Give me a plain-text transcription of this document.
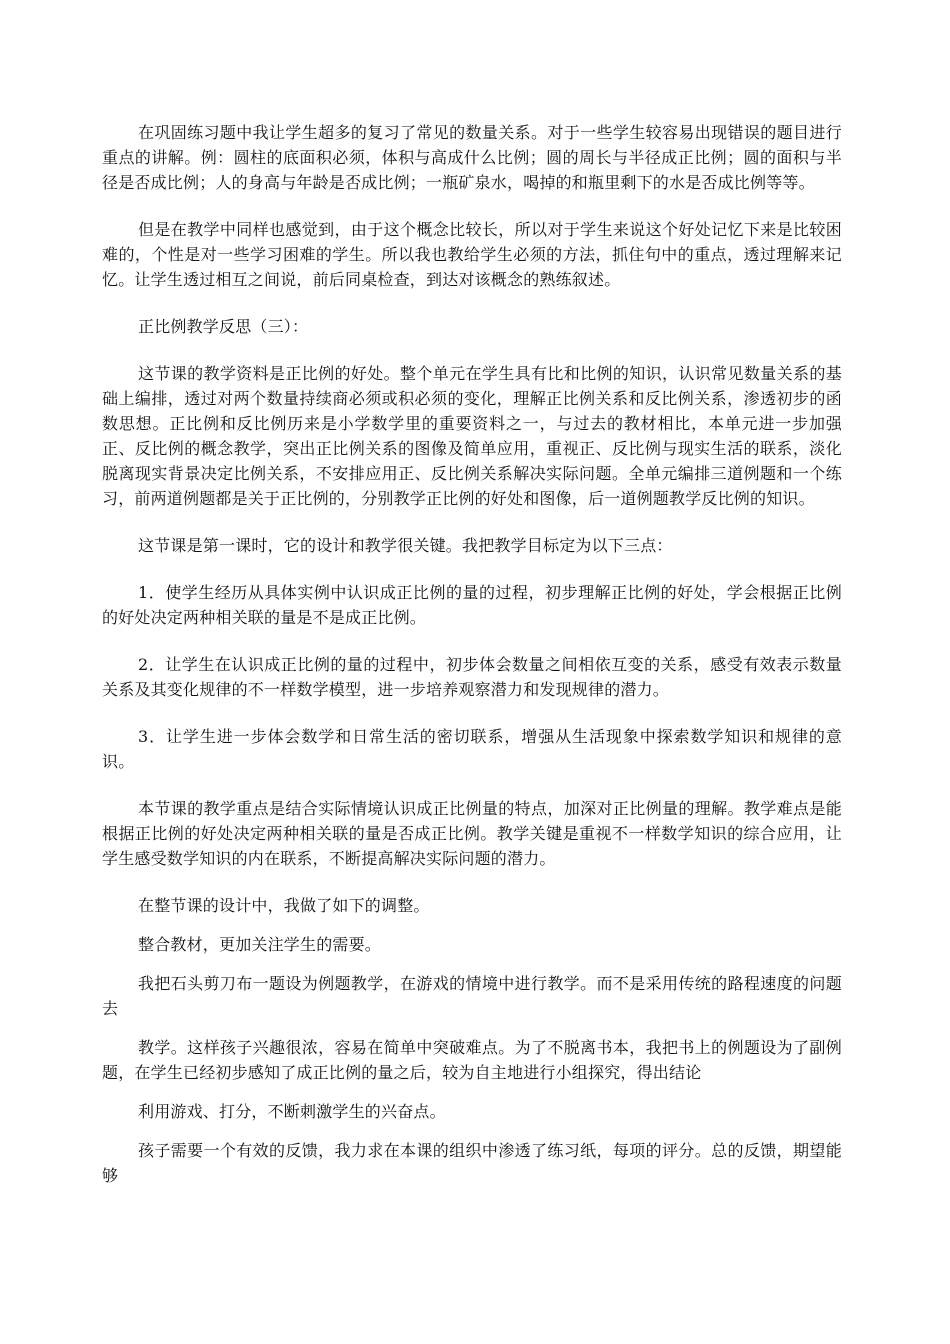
在巩固练习题中我让学生超多的复习了常见的数量关系。对于一些学生较容易出现错误的题目进行重点的讲解。例：圆柱的底面积必须，体积与高成什么比例；圆的周长与半径成正比例；圆的面积与半径是否成比例；人的身高与年龄是否成比例；一瓶矿泉水，喝掉的和瓶里剩下的水是否成比例等等。

但是在教学中同样也感觉到，由于这个概念比较长，所以对于学生来说这个好处记忆下来是比较困难的，个性是对一些学习困难的学生。所以我也教给学生必须的方法，抓住句中的重点，透过理解来记忆。让学生透过相互之间说，前后同桌检查，到达对该概念的熟练叙述。

正比例教学反思（三）：

这节课的教学资料是正比例的好处。整个单元在学生具有比和比例的知识，认识常见数量关系的基础上编排，透过对两个数量持续商必须或积必须的变化，理解正比例关系和反比例关系，渗透初步的函数思想。正比例和反比例历来是小学数学里的重要资料之一，与过去的教材相比，本单元进一步加强正、反比例的概念教学，突出正比例关系的图像及简单应用，重视正、反比例与现实生活的联系，淡化脱离现实背景决定比例关系，不安排应用正、反比例关系解决实际问题。全单元编排三道例题和一个练习，前两道例题都是关于正比例的，分别教学正比例的好处和图像，后一道例题教学反比例的知识。

这节课是第一课时，它的设计和教学很关键。我把教学目标定为以下三点：

1．使学生经历从具体实例中认识成正比例的量的过程，初步理解正比例的好处，学会根据正比例的好处决定两种相关联的量是不是成正比例。

2．让学生在认识成正比例的量的过程中，初步体会数量之间相依互变的关系，感受有效表示数量关系及其变化规律的不一样数学模型，进一步培养观察潜力和发现规律的潜力。

3．让学生进一步体会数学和日常生活的密切联系，增强从生活现象中探索数学知识和规律的意识。

本节课的教学重点是结合实际情境认识成正比例量的特点，加深对正比例量的理解。教学难点是能根据正比例的好处决定两种相关联的量是否成正比例。教学关键是重视不一样数学知识的综合应用，让学生感受数学知识的内在联系，不断提高解决实际问题的潜力。

在整节课的设计中，我做了如下的调整。

整合教材，更加关注学生的需要。

我把石头剪刀布一题设为例题教学，在游戏的情境中进行教学。而不是采用传统的路程速度的问题去

教学。这样孩子兴趣很浓，容易在简单中突破难点。为了不脱离书本，我把书上的例题设为了副例题，在学生已经初步感知了成正比例的量之后，较为自主地进行小组探究，得出结论

利用游戏、打分，不断刺激学生的兴奋点。

孩子需要一个有效的反馈，我力求在本课的组织中渗透了练习纸，每项的评分。总的反馈，期望能够
